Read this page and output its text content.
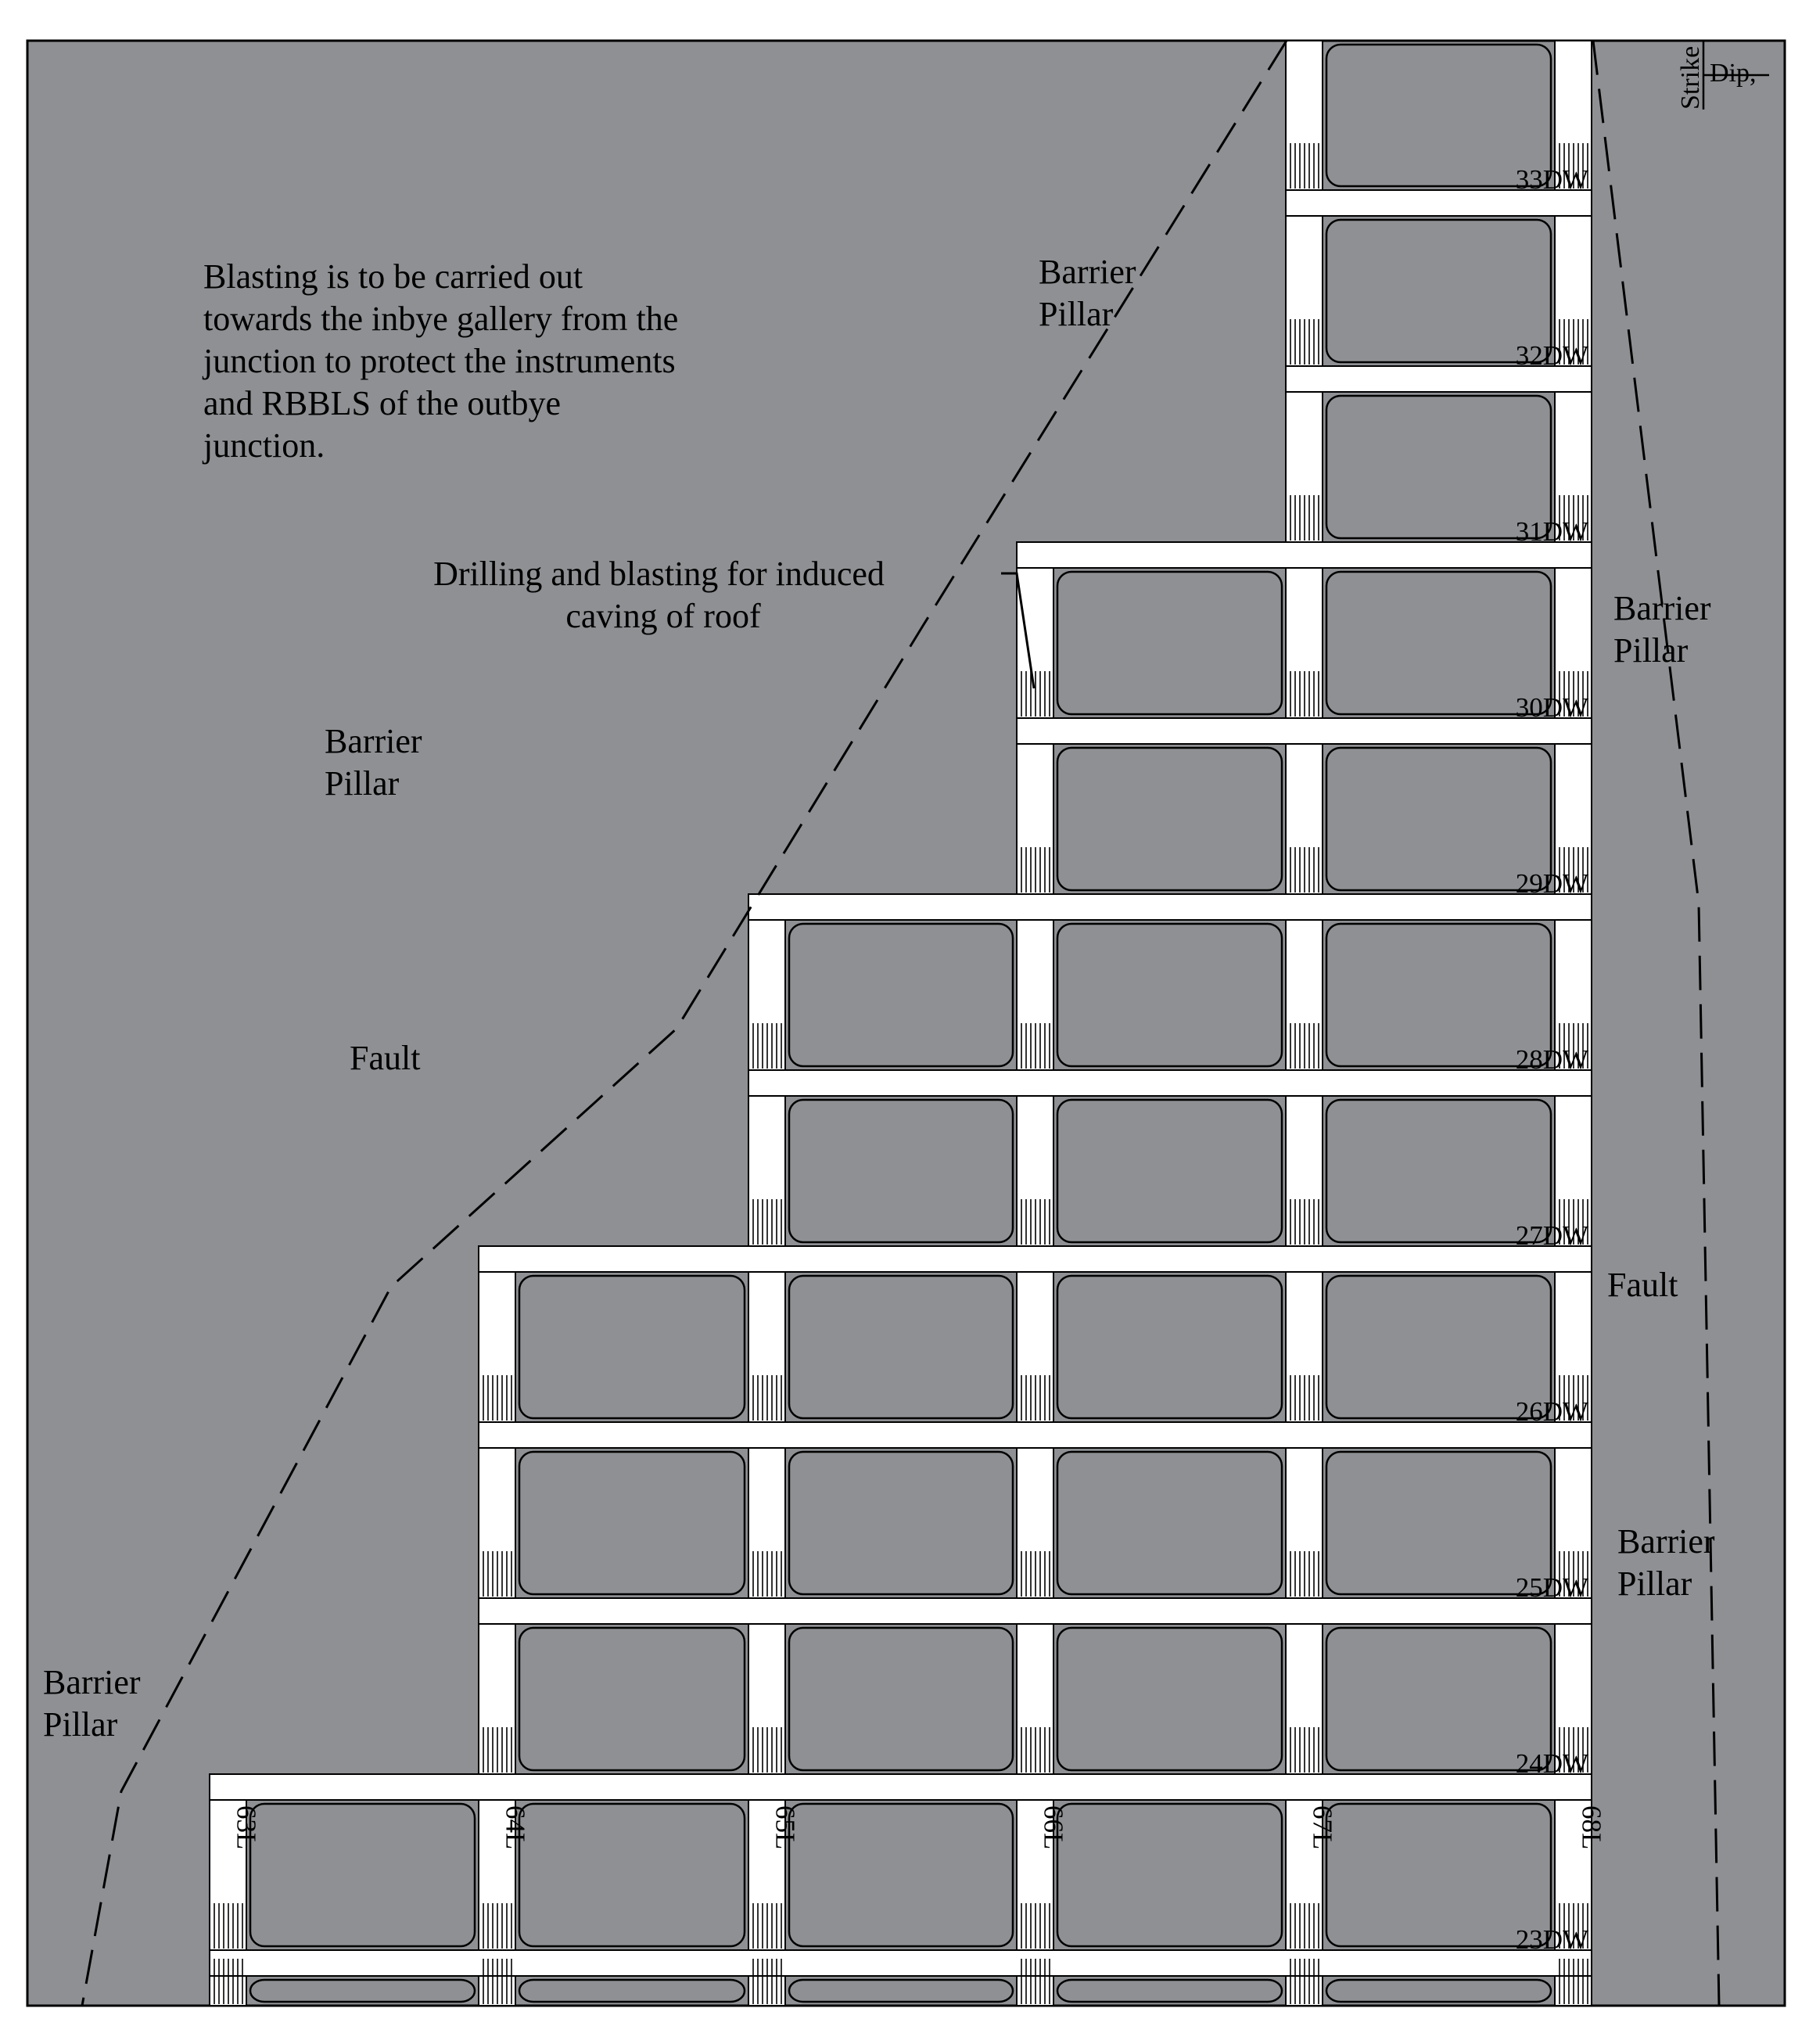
33DW
32DW
31DW
30DW
29DW
28DW
27DW
26DW
25DW
24DW
23DW
63L	64L	65L	66L	67L	68L
Blasting is to be carried out towards the inbye gallery from the junction to protect the instruments and RBBLS of the outbye junction.
Drilling and blasting for induced caving of roof
Barrier Pillar
Barrier Pillar
Barrier Pillar
Barrier Pillar
Barrier Pillar
Fault
Fault
Strike Dip,
